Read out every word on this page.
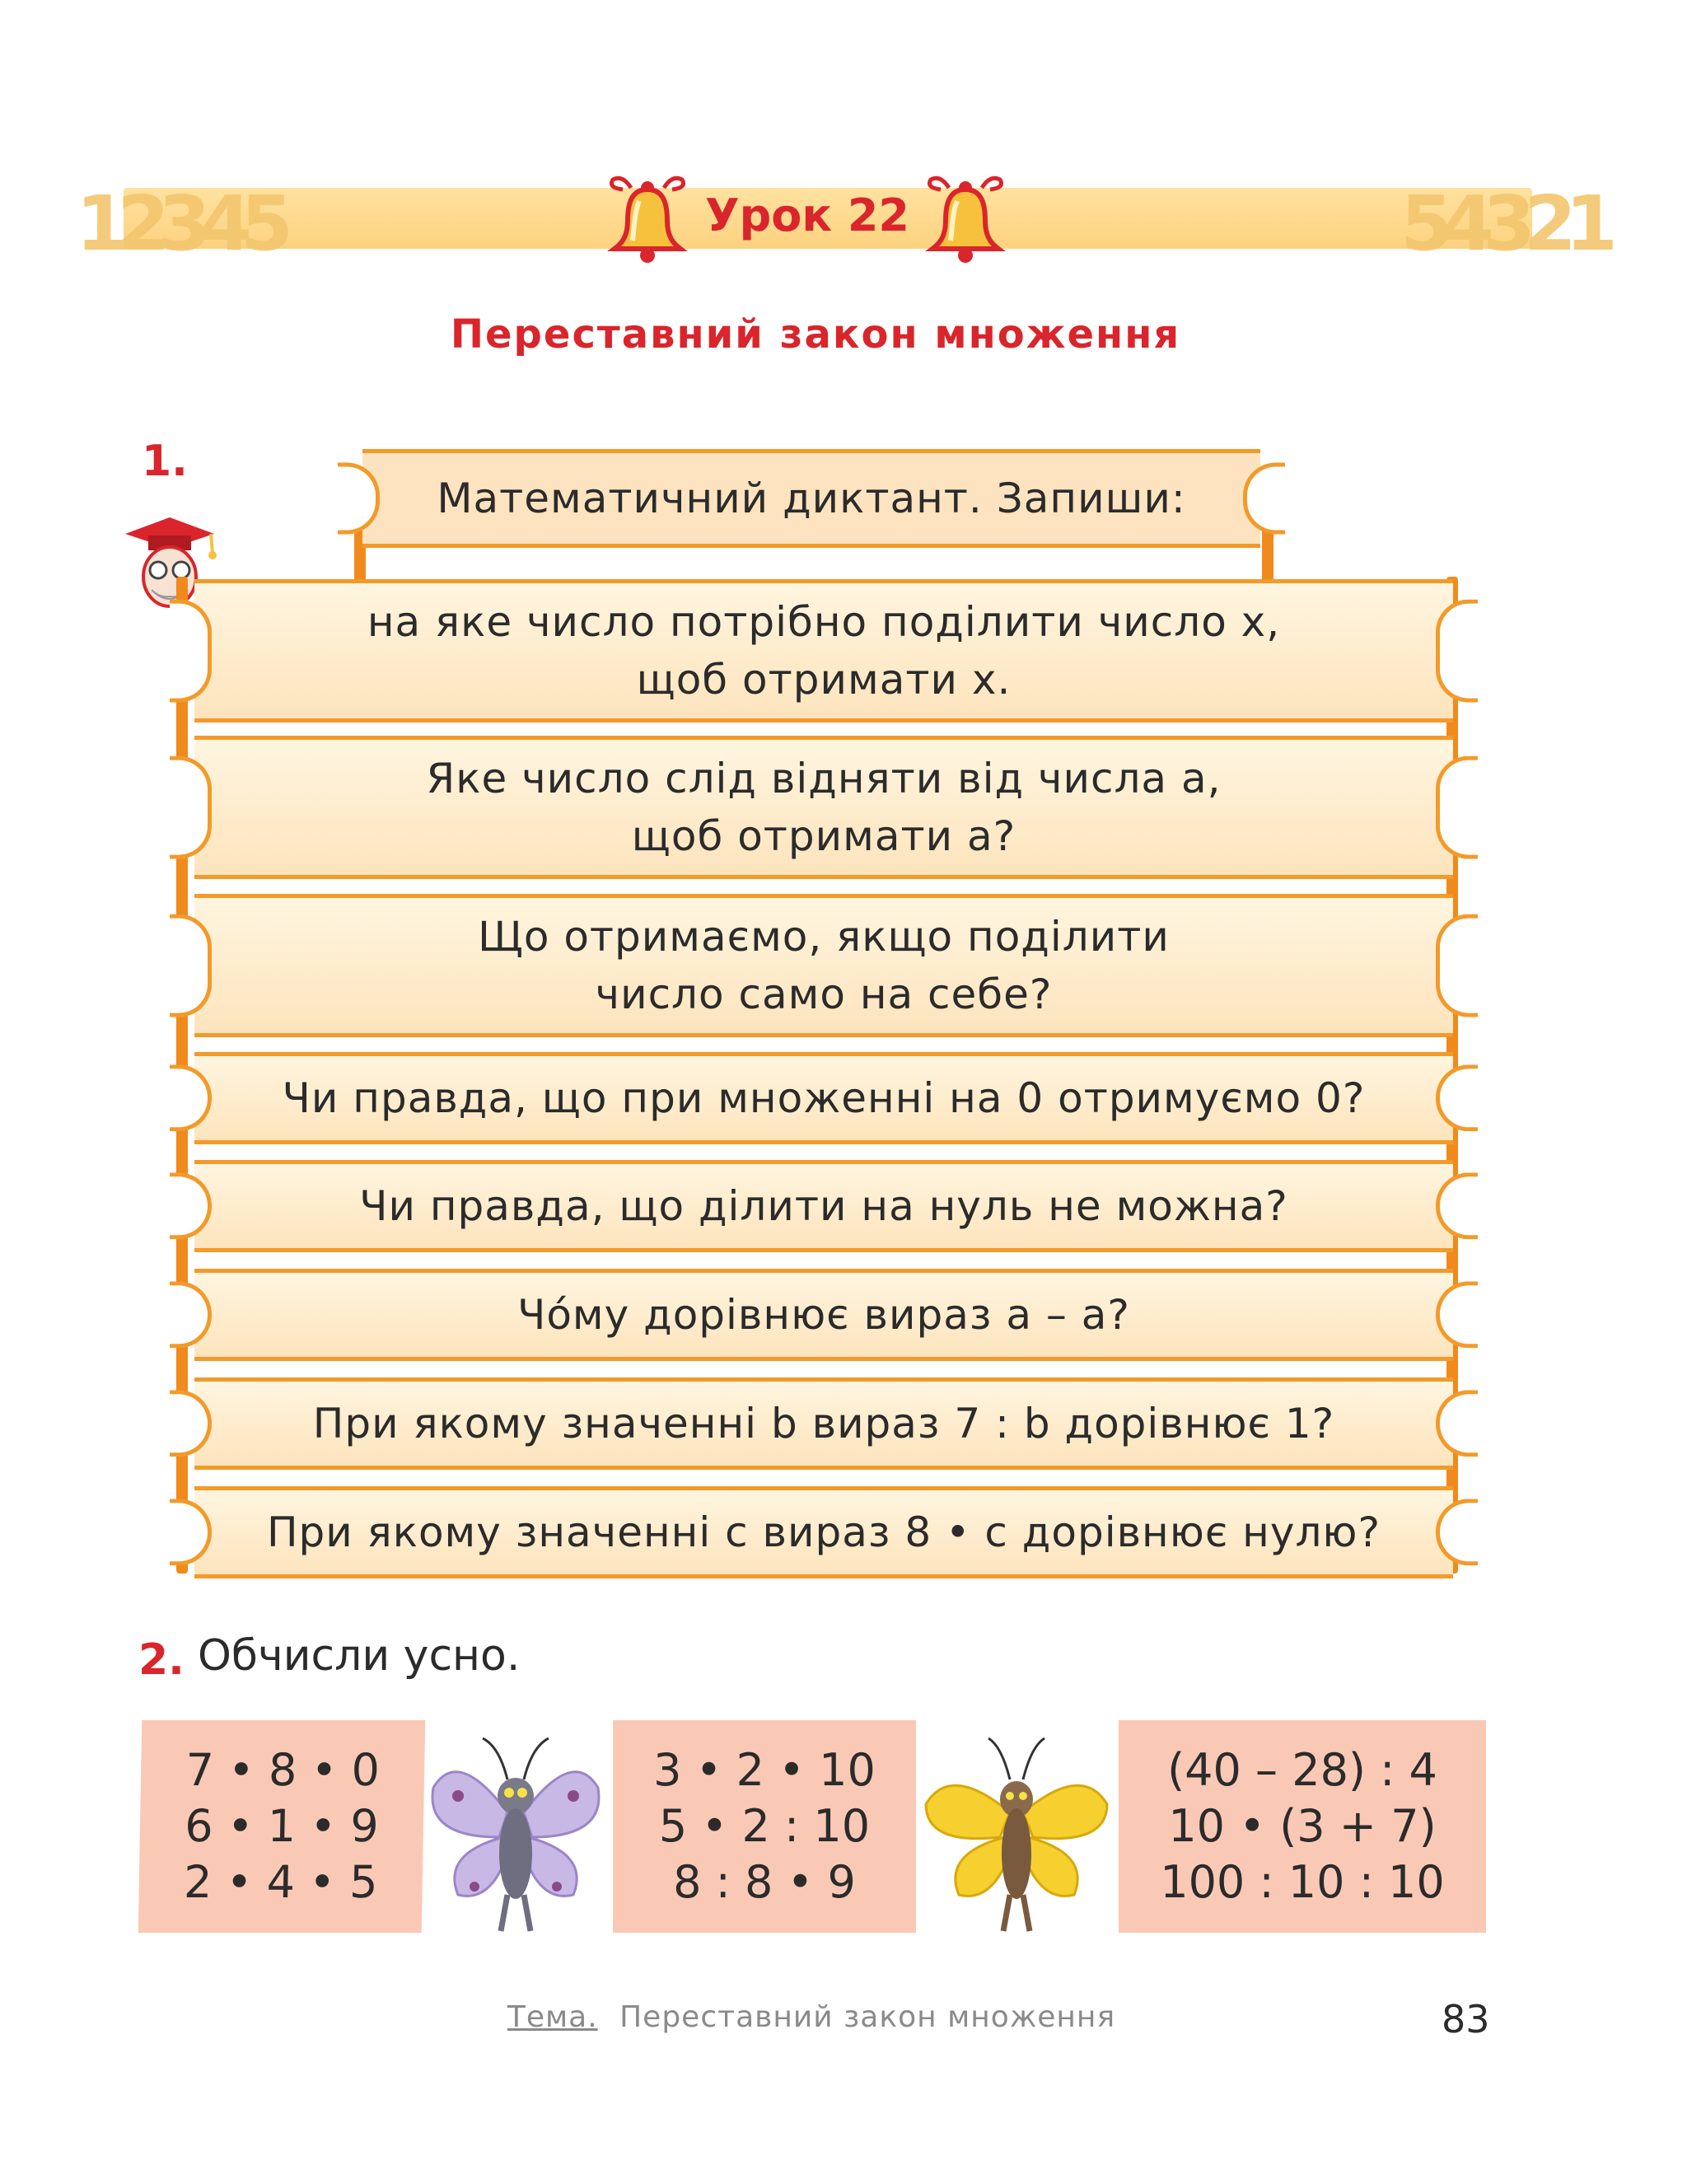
12345	54321
Урок 22
Переставний закон множення
1.
Математичний диктант. Запиши:
на яке число потрібно поділити число x,
щоб отримати x.
Яке число слід відняти від числа a,
щоб отримати a?
Що отримаємо, якщо поділити
число само на себе?
Чи правда, що при множенні на 0 отримуємо 0?
Чи правда, що ділити на нуль не можна?
Чо́му дорівнює вираз a – a?
При якому значенні b вираз 7 : b дорівнює 1?
При якому значенні c вираз 8 • c дорівнює нулю?
2. Обчисли усно.
7 • 8 • 0
6 • 1 • 9
2 • 4 • 5
3 • 2 • 10
5 • 2 : 10
8 : 8 • 9
(40 – 28) : 4
10 • (3 + 7)
100 : 10 : 10
Тема. Переставний закон множення	83
